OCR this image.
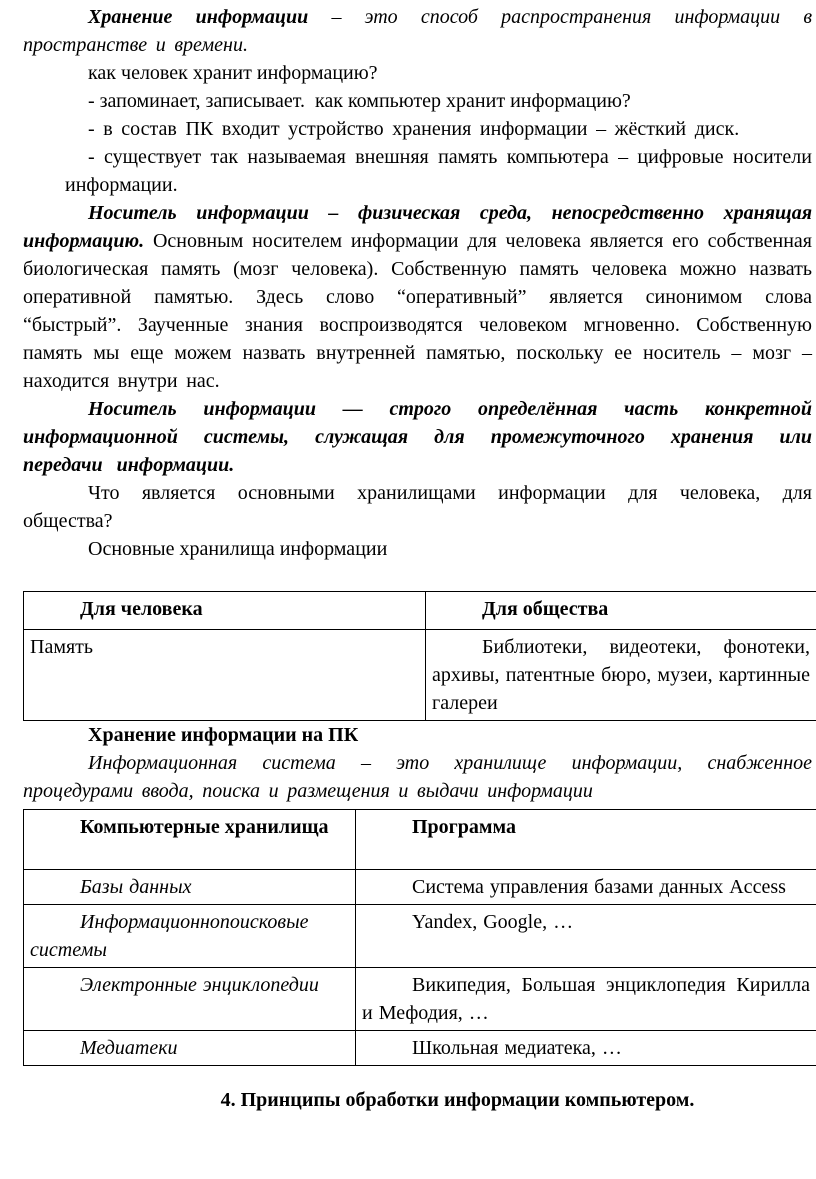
Хранение информации – это способ распространения информации в пространстве и времени.

как человек хранит информацию?

- запоминает, записывает.  как компьютер хранит информацию?

- в состав ПК входит устройство хранения информации – жёсткий диск.

- существует так называемая внешняя память компьютера – цифровые носители информации.

Носитель информации – физическая среда, непосредственно хранящая информацию. Основным носителем информации для человека является его собственная биологическая память (мозг человека). Собственную память человека можно назвать оперативной памятью. Здесь слово “оперативный” является синонимом слова “быстрый”. Заученные знания воспроизводятся человеком мгновенно. Собственную память мы еще можем назвать внутренней памятью, поскольку ее носитель – мозг – находится внутри нас.

Носитель информации — строго определённая часть конкретной информационной системы, служащая для промежуточного хранения или передачи информации.

Что является основными хранилищами информации для человека, для общества?

Основные хранилища информации

Для человека	Для общества

Память	Библиотеки, видеотеки, фонотеки, архивы, патентные бюро, музеи, картинные галереи

Хранение информации на ПК

Информационная система – это хранилище информации, снабженное процедурами ввода, поиска и размещения и выдачи информации

Компьютерные хранилища	Программа

Базы данных	Система управления базами данных Access

Информационнопоисковые системы	Yandex, Google, …

Электронные энциклопедии	Википедия, Большая энциклопедия Кирилла и Мефодия, …

Медиатеки	Школьная медиатека, …

4. Принципы обработки информации компьютером.
